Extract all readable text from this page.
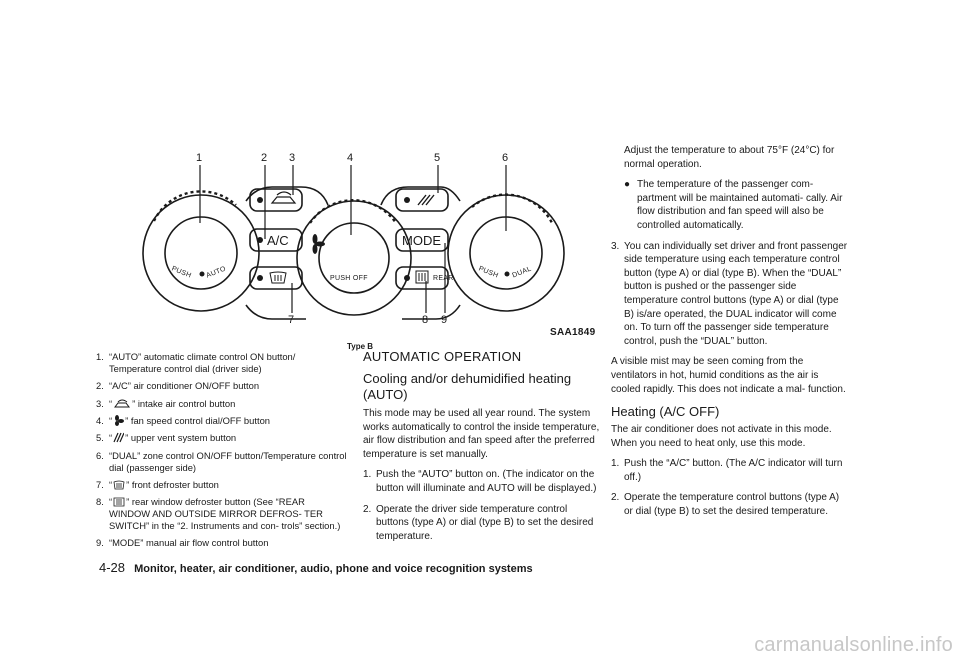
1	2 3	4	5	6
7	8 9
A/C	MODE
REAR
PUSH AUTO	PUSH OFF	PUSH DUAL
SAA1849
Type B
1. “AUTO” automatic climate control ON button/ Temperature control dial (driver side)
2. “A/C” air conditioner ON/OFF button
3. “ ” intake air control button
4. “ ” fan speed control dial/OFF button
5. “ ” upper vent system button
6. “DUAL” zone control ON/OFF button/Temperature control dial (passenger side)
7. “ ” front defroster button
8. “ ” rear window defroster button (See “REAR WINDOW AND OUTSIDE MIRROR DEFROS- TER SWITCH” in the “2. Instruments and con- trols” section.)
9. “MODE” manual air flow control button
AUTOMATIC OPERATION
Cooling and/or dehumidified heating (AUTO)

This mode may be used all year round. The system works automatically to control the inside temperature, air flow distribution and fan speed after the preferred temperature is set manually.

1. Push the “AUTO” button on. (The indicator on the button will illuminate and AUTO will be displayed.)
2. Operate the driver side temperature control buttons (type A) or dial (type B) to set the desired temperature.
Adjust the temperature to about 75°F (24°C) for normal operation.
● The temperature of the passenger com- partment will be maintained automati- cally. Air flow distribution and fan speed will also be controlled automatically.
3. You can individually set driver and front passenger side temperature using each temperature control button (type A) or dial (type B). When the “DUAL” button is pushed or the passenger side temperature control buttons (type A) or dial (type B) is/are operated, the DUAL indicator will come on. To turn off the passenger side temperature control, push the “DUAL” button.

A visible mist may be seen coming from the ventilators in hot, humid conditions as the air is cooled rapidly. This does not indicate a mal- function.

Heating (A/C OFF)

The air conditioner does not activate in this mode. When you need to heat only, use this mode.

1. Push the “A/C” button. (The A/C indicator will turn off.)
2. Operate the temperature control buttons (type A) or dial (type B) to set the desired temperature.
4-28 Monitor, heater, air conditioner, audio, phone and voice recognition systems
carmanualsonline.info
